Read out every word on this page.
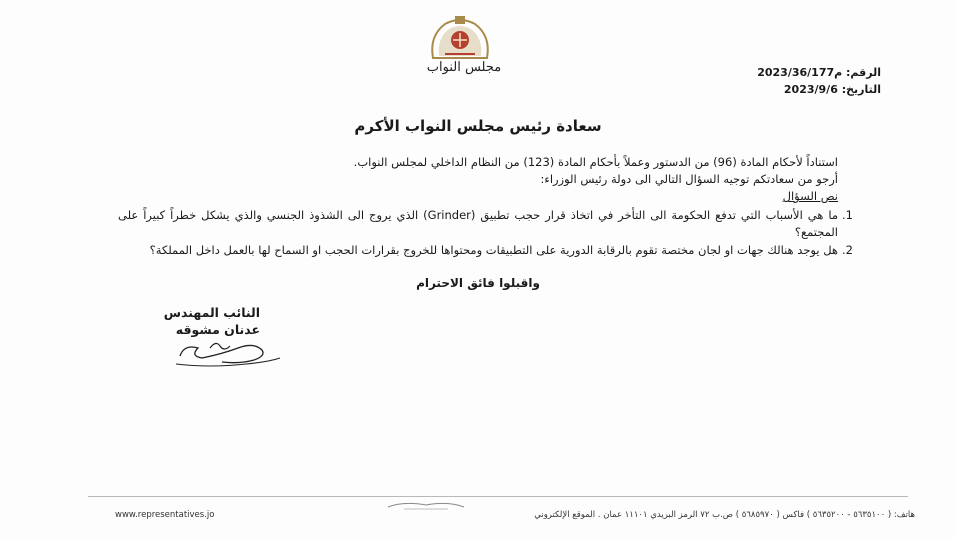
مجلس النواب	الرقم: م2023/36/177
التاريخ: 2023/9/6
سعادة رئيس مجلس النواب الأكرم
استناداً لأحكام المادة (96) من الدستور وعملاً بأحكام المادة (123) من النظام الداخلي لمجلس النواب.
أرجو من سعادتكم توجيه السؤال التالي الى دولة رئيس الوزراء:
نص السؤال
1.
ما هي الأسباب التي تدفع الحكومة الى التأخر في اتخاذ قرار حجب تطبيق (Grinder) الذي يروج الى الشذوذ الجنسي والذي يشكل خطراً كبيراً على المجتمع؟
2.
هل يوجد هنالك جهات او لجان مختصة تقوم بالرقابة الدورية على التطبيقات ومحتواها للخروج بقرارات الحجب او السماح لها بالعمل داخل المملكة؟
واقبلوا فائق الاحترام
النائب المهندس
عدنان مشوقه
www.representatives.jo	هاتف: ( ٥٦٣٥١٠٠ - ٥٦٣٥٢٠٠ ) فاكس ( ٥٦٨٥٩٧٠ ) ص.ب ٧٢ الرمز البريدي ١١١٠١ عمان . الموقع الإلكتروني
